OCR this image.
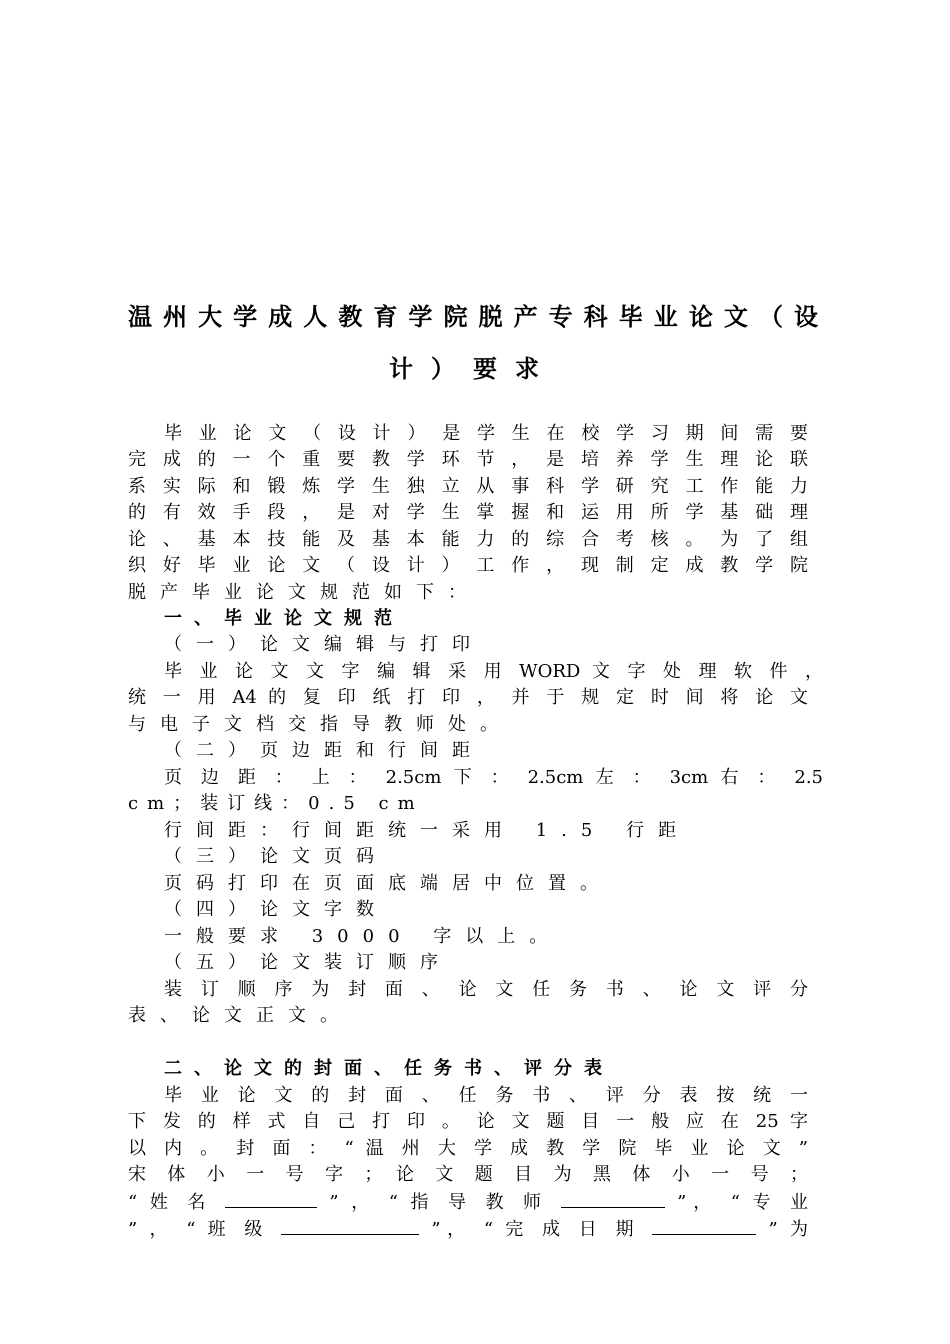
温州大学成人教育学院脱产专科毕业论文（设
计）要求
毕 业 论 文 （ 设 计 ） 是 学 生 在 校 学 习 期 间 需 要
完 成 的 一 个 重 要 教 学 环 节 ， 是 培 养 学 生 理 论 联
系 实 际 和 锻 炼 学 生 独 立 从 事 科 学 研 究 工 作 能 力
的 有 效 手 段 ， 是 对 学 生 掌 握 和 运 用 所 学 基 础 理
论 、 基 本 技 能 及 基 本 能 力 的 综 合 考 核 。 为 了 组
织 好 毕 业 论 文 （ 设 计 ） 工 作 ， 现 制 定 成 教 学 院
脱产毕业论文规范如下：
一、毕业论文规范
（一）论文编辑与打印
毕 业 论 文 文 字 编 辑 采 用 WORD 文 字 处 理 软 件 ，
统 一 用 A4 的 复 印 纸 打 印 ， 并 于 规 定 时 间 将 论 文
与电子文档交指导教师处。
（二）页边距和行间距
页 边 距 ： 上 ： 2.5cm 下 ： 2.5cm 左 ： 3cm 右 ： 2.5
cm；装订线：0.5 cm
行间距：行间距统一采用 1.5 行距
（三）论文页码
页码打印在页面底端居中位置。
（四）论文字数
一般要求 3000 字以上。
（五）论文装订顺序
装 订 顺 序 为 封 面 、 论 文 任 务 书 、 论 文 评 分
表、论文正文。
二、论文的封面、任务书、评分表
毕 业 论 文 的 封 面 、 任 务 书 、 评 分 表 按 统 一
下 发 的 样 式 自 己 打 印 。 论 文 题 目 一 般 应 在 25 字
以 内 。 封 面 ： “ 温 州 大 学 成 教 学 院 毕 业 论 文 ”
宋 体 小 一 号 字 ； 论 文 题 目 为 黑 体 小 一 号 ；
“ 姓 名	” ， “ 指 导 教 师	”， “ 专 业
” ， “ 班 级	”， “ 完 成 日 期	” 为
